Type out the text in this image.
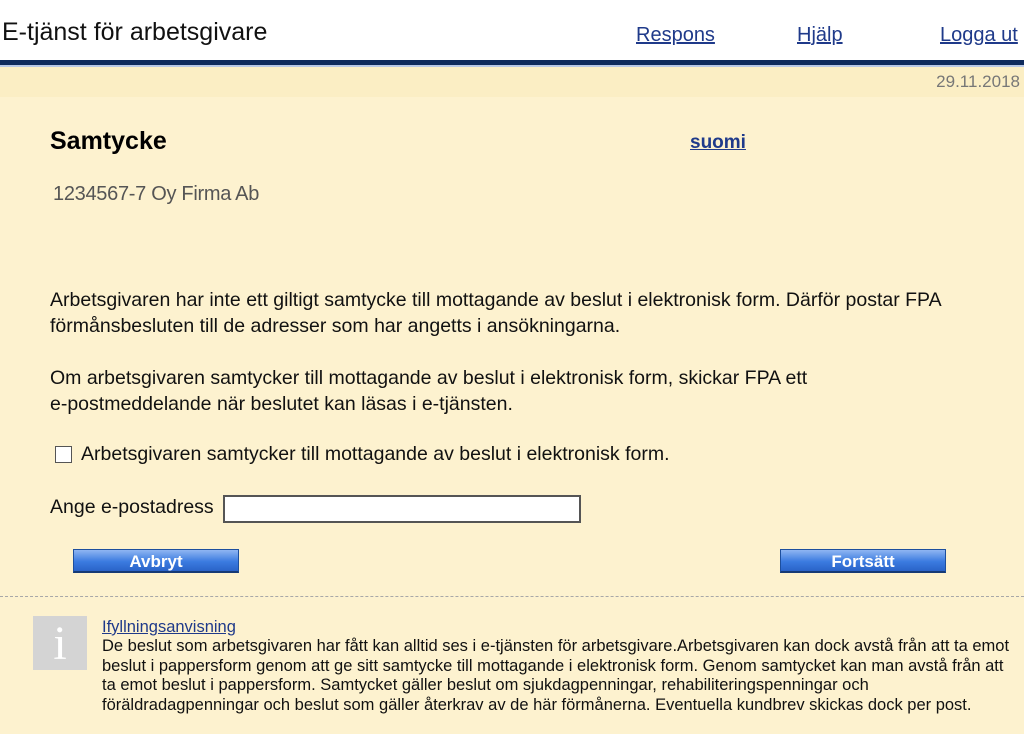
E-tjänst för arbetsgivare	Respons	Hjälp	Logga ut
29.11.2018
Samtycke	suomi
1234567-7 Oy Firma Ab
Arbetsgivaren har inte ett giltigt samtycke till mottagande av beslut i elektronisk form. Därför postar FPA förmånsbesluten till de adresser som har angetts i ansökningarna.
Om arbetsgivaren samtycker till mottagande av beslut i elektronisk form, skickar FPA ett e-postmeddelande när beslutet kan läsas i e-tjänsten.
Arbetsgivaren samtycker till mottagande av beslut i elektronisk form.
Ange e-postadress
Avbryt	Fortsätt
i	Ifyllningsanvisning
De beslut som arbetsgivaren har fått kan alltid ses i e-tjänsten för arbetsgivare.Arbetsgivaren kan dock avstå från att ta emot beslut i pappersform genom att ge sitt samtycke till mottagande i elektronisk form. Genom samtycket kan man avstå från att ta emot beslut i pappersform. Samtycket gäller beslut om sjukdagpenningar, rehabiliteringspenningar och föräldradagpenningar och beslut som gäller återkrav av de här förmånerna. Eventuella kundbrev skickas dock per post.
